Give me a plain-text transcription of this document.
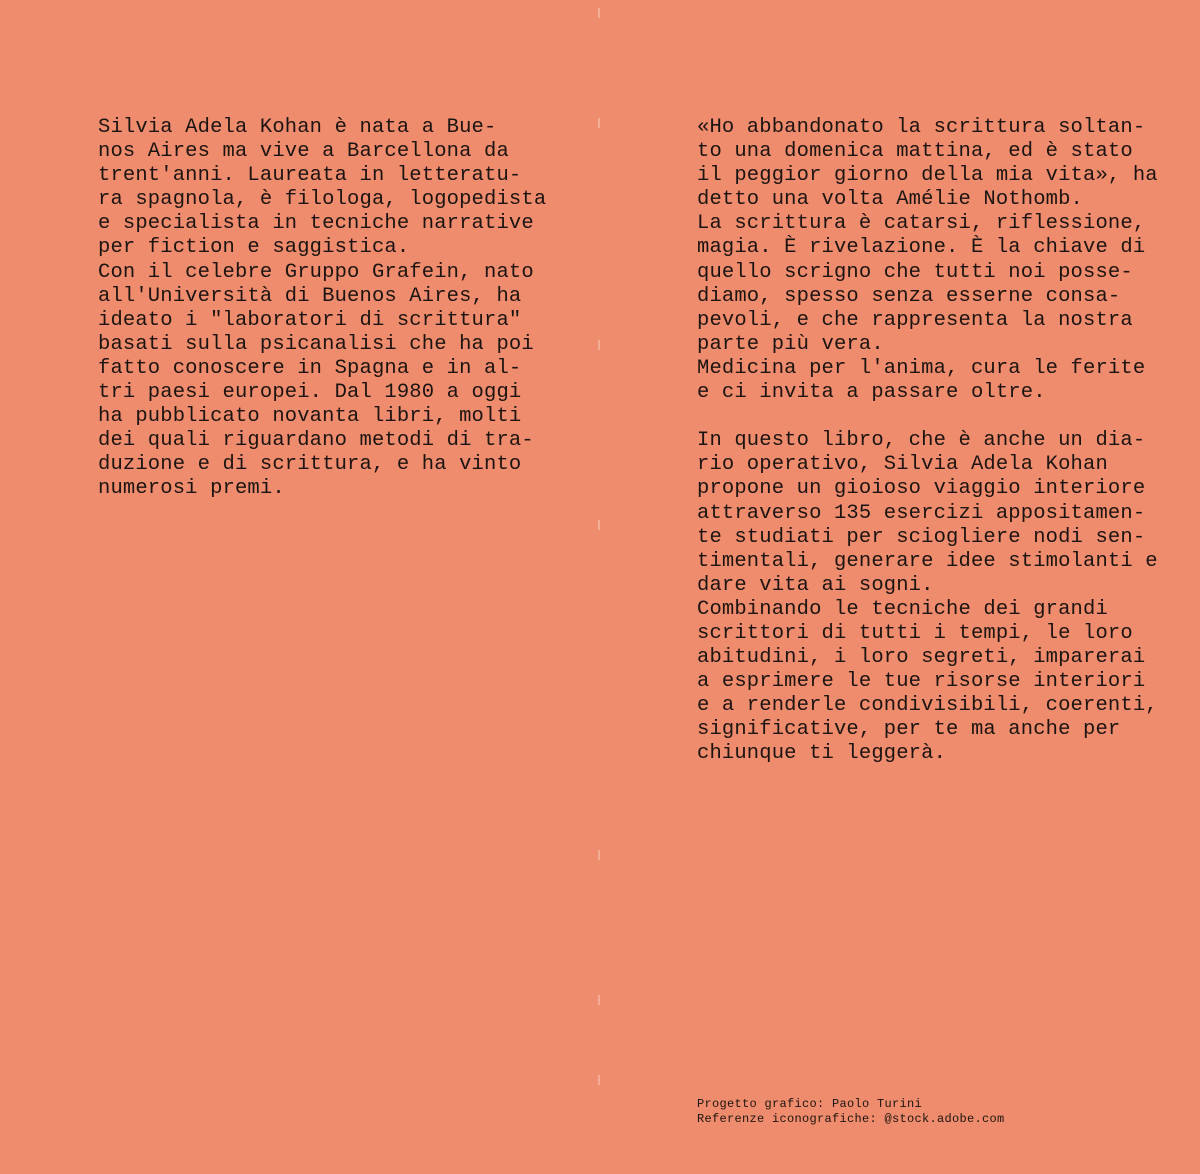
Silvia Adela Kohan è nata a Bue-

nos Aires ma vive a Barcellona da

trent'anni. Laureata in letteratu-

ra spagnola, è filologa, logopedista

e specialista in tecniche narrative

per fiction e saggistica.

Con il celebre Gruppo Grafein, nato

all'Università di Buenos Aires, ha

ideato i "laboratori di scrittura"

basati sulla psicanalisi che ha poi

fatto conoscere in Spagna e in al-

tri paesi europei. Dal 1980 a oggi

ha pubblicato novanta libri, molti

dei quali riguardano metodi di tra-

duzione e di scrittura, e ha vinto

numerosi premi.

«Ho abbandonato la scrittura soltan-

to una domenica mattina, ed è stato

il peggior giorno della mia vita», ha

detto una volta Amélie Nothomb.

La scrittura è catarsi, riflessione,

magia. È rivelazione. È la chiave di

quello scrigno che tutti noi posse-

diamo, spesso senza esserne consa-

pevoli, e che rappresenta la nostra

parte più vera.

Medicina per l'anima, cura le ferite

e ci invita a passare oltre.

In questo libro, che è anche un dia-

rio operativo, Silvia Adela Kohan

propone un gioioso viaggio interiore

attraverso 135 esercizi appositamen-

te studiati per sciogliere nodi sen-

timentali, generare idee stimolanti e

dare vita ai sogni.

Combinando le tecniche dei grandi

scrittori di tutti i tempi, le loro

abitudini, i loro segreti, imparerai

a esprimere le tue risorse interiori

e a renderle condivisibili, coerenti,

significative, per te ma anche per

chiunque ti leggerà.

Progetto grafico: Paolo Turini

Referenze iconografiche: @stock.adobe.com
